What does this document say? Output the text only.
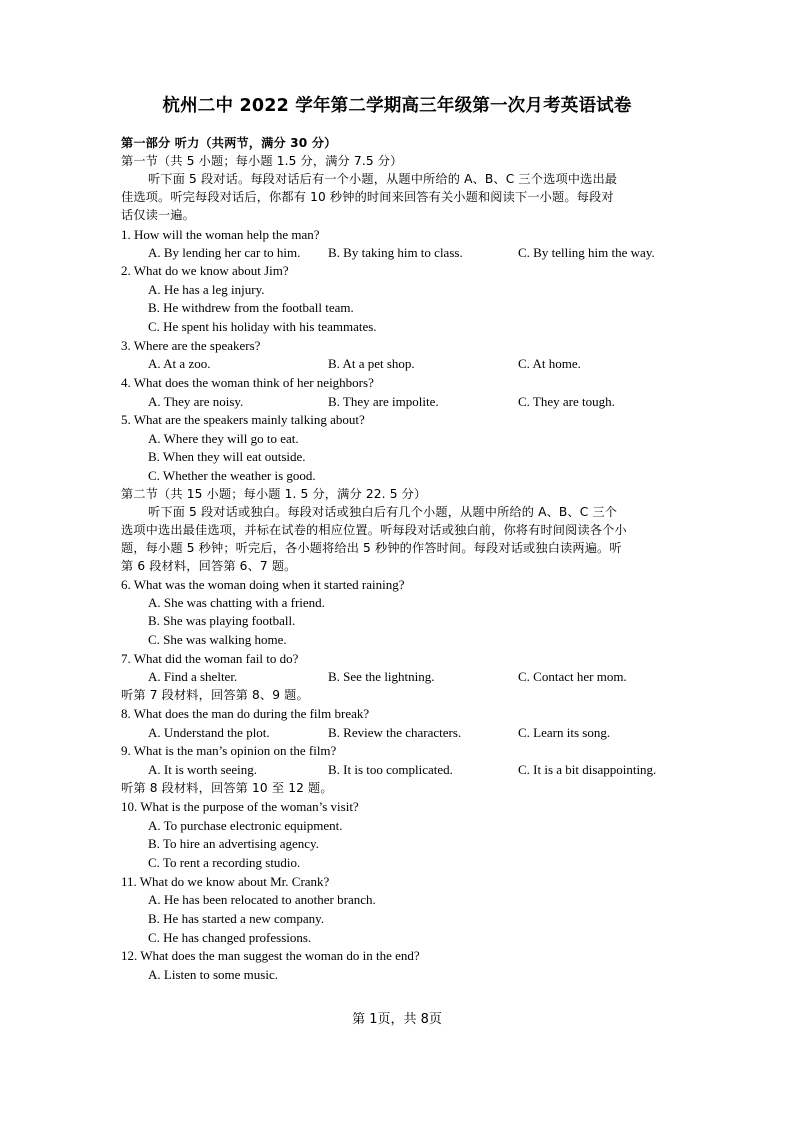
杭州二中 2022 学年第二学期高三年级第一次月考英语试卷
第一部分 听力（共两节，满分 30 分）
第一节（共 5 小题；每小题 1.5 分，满分 7.5 分）
听下面 5 段对话。每段对话后有一个小题，从题中所给的 A、B、C 三个选项中选出最
佳选项。听完每段对话后，你都有 10 秒钟的时间来回答有关小题和阅读下一小题。每段对
话仅读一遍。
1. How will the woman help the man?
A. By lending her car to him. B. By taking him to class.	C. By telling him the way.
2. What do we know about Jim?
A. He has a leg injury.
B. He withdrew from the football team.
C. He spent his holiday with his teammates.
3. Where are the speakers?
A. At a zoo.	B. At a pet shop.	C. At home.
4. What does the woman think of her neighbors?
A. They are noisy.	B. They are impolite.	C. They are tough.
5. What are the speakers mainly talking about?
A. Where they will go to eat.
B. When they will eat outside.
C. Whether the weather is good.
第二节（共 15 小题；每小题 1. 5 分，满分 22. 5 分）
听下面 5 段对话或独白。每段对话或独白后有几个小题，从题中所给的 A、B、C 三个
选项中选出最佳选项，并标在试卷的相应位置。听每段对话或独白前，你将有时间阅读各个小
题，每小题 5 秒钟；听完后，各小题将给出 5 秒钟的作答时间。每段对话或独白读两遍。听
第 6 段材料，回答第 6、7 题。
6. What was the woman doing when it started raining?
A. She was chatting with a friend.
B. She was playing football.
C. She was walking home.
7. What did the woman fail to do?
A. Find a shelter.	B. See the lightning.	C. Contact her mom.
听第 7 段材料，回答第 8、9 题。
8. What does the man do during the film break?
A. Understand the plot.	B. Review the characters.	C. Learn its song.
9. What is the man’s opinion on the film?
A. It is worth seeing.	B. It is too complicated.	C. It is a bit disappointing.
听第 8 段材料，回答第 10 至 12 题。
10. What is the purpose of the woman’s visit?
A. To purchase electronic equipment.
B. To hire an advertising agency.
C. To rent a recording studio.
11. What do we know about Mr. Crank?
A. He has been relocated to another branch.
B. He has started a new company.
C. He has changed professions.
12. What does the man suggest the woman do in the end?
A. Listen to some music.
第 1页，共 8页
